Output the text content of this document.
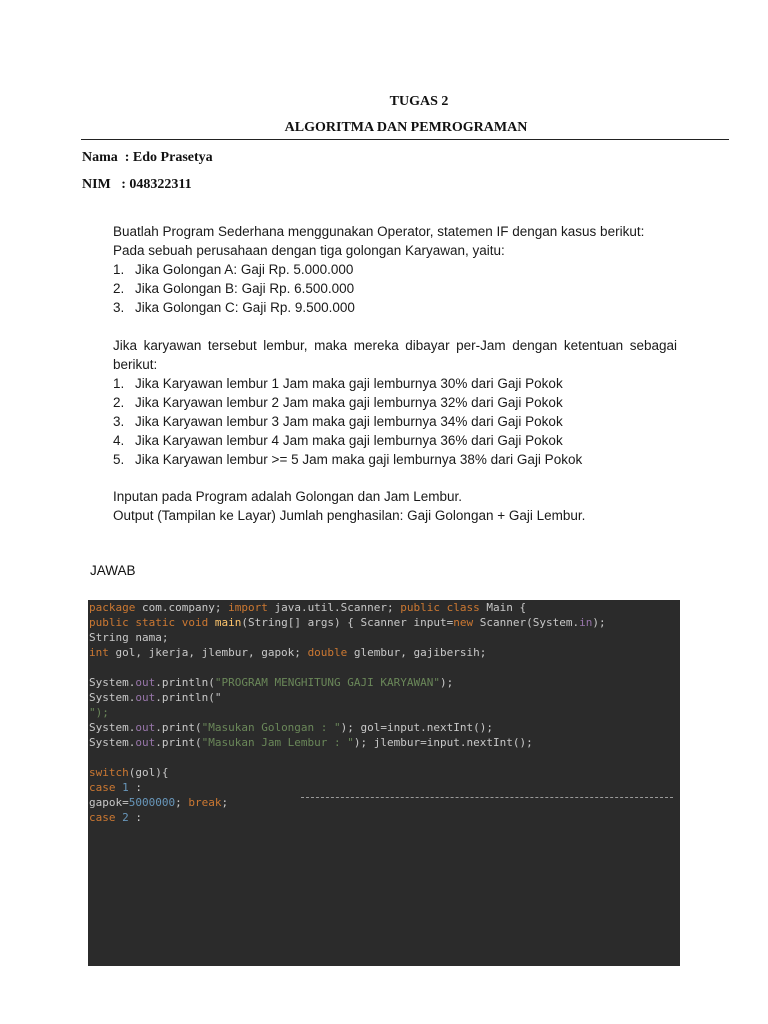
TUGAS 2
ALGORITMA DAN PEMROGRAMAN
Nama  : Edo Prasetya
NIM   : 048322311

Buatlah Program Sederhana menggunakan Operator, statemen IF dengan kasus berikut:

Pada sebuah perusahaan dengan tiga golongan Karyawan, yaitu:

1. Jika Golongan A: Gaji Rp. 5.000.000
2. Jika Golongan B: Gaji Rp. 6.500.000
3. Jika Golongan C: Gaji Rp. 9.500.000

Jika karyawan tersebut lembur, maka mereka dibayar per-Jam dengan ketentuan sebagai berikut:

1. Jika Karyawan lembur 1 Jam maka gaji lemburnya 30% dari Gaji Pokok
2. Jika Karyawan lembur 2 Jam maka gaji lemburnya 32% dari Gaji Pokok
3. Jika Karyawan lembur 3 Jam maka gaji lemburnya 34% dari Gaji Pokok
4. Jika Karyawan lembur 4 Jam maka gaji lemburnya 36% dari Gaji Pokok
5. Jika Karyawan lembur >= 5 Jam maka gaji lemburnya 38% dari Gaji Pokok

Inputan pada Program adalah Golongan dan Jam Lembur.

Output (Tampilan ke Layar) Jumlah penghasilan: Gaji Golongan + Gaji Lembur.

JAWAB
package com.company; import java.util.Scanner; public class Main {
public static void main(String[] args) { Scanner input=new Scanner(System.in);
String nama;
int gol, jkerja, jlembur, gapok; double glembur, gajibersih;
System.out.println("PROGRAM MENGHITUNG GAJI KARYAWAN");
System.out.println("
");
System.out.print("Masukan Golongan : "); gol=input.nextInt();
System.out.print("Masukan Jam Lembur : "); jlembur=input.nextInt();
switch(gol){
case 1 :
gapok=5000000; break;
case 2 :
